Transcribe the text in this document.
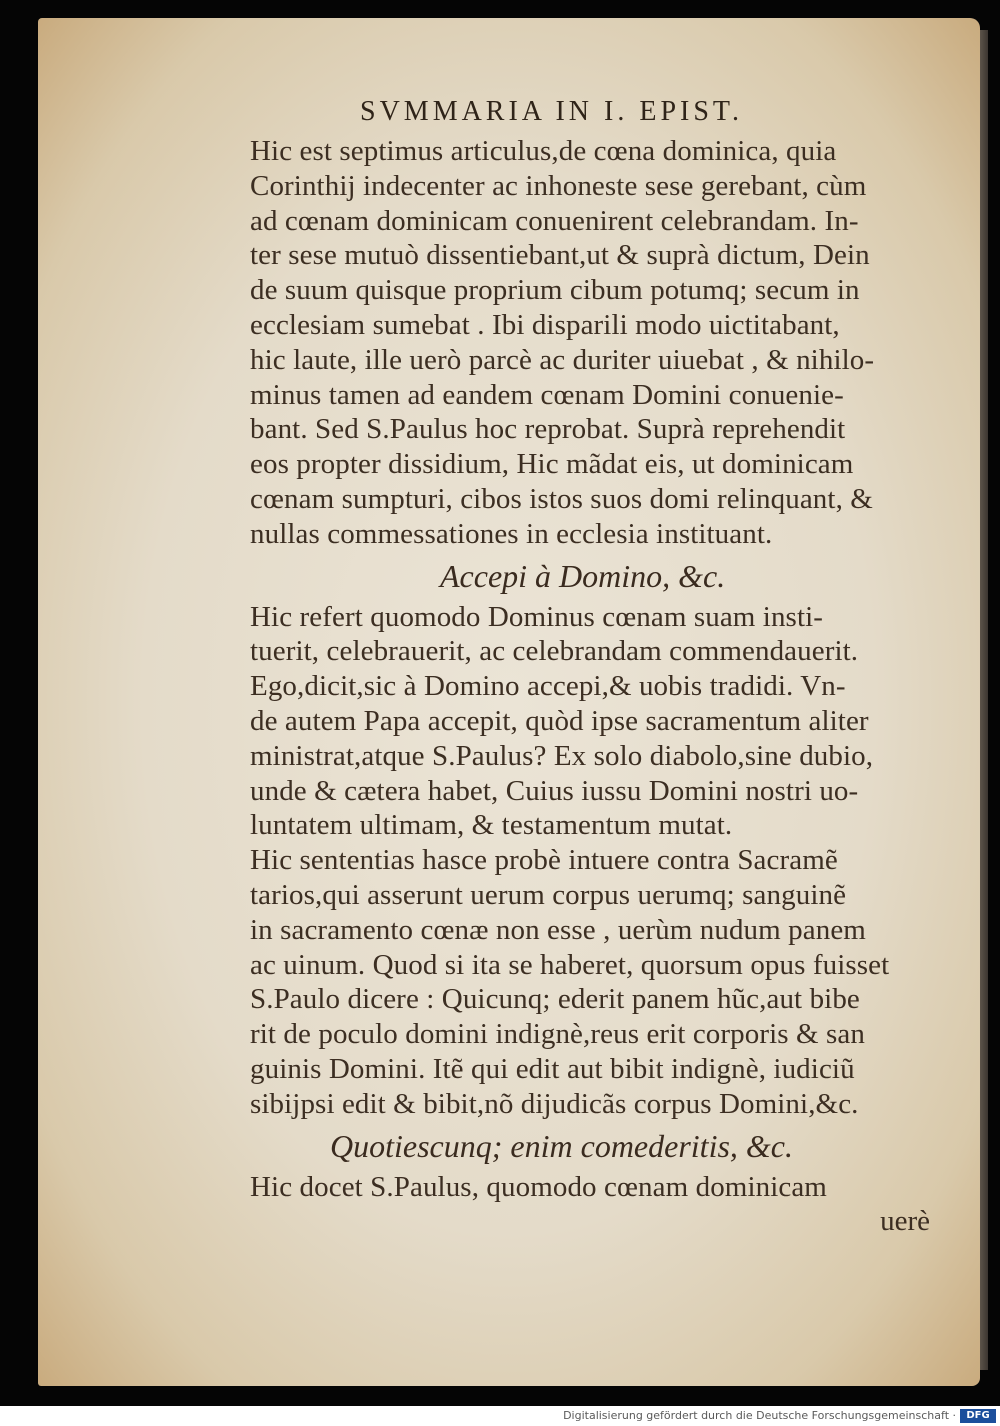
SVMMARIA IN I. EPIST.
Hic est septimus articulus,de cœna dominica, quia
Corinthij indecenter ac inhoneste sese gerebant, cùm
ad cœnam dominicam conuenirent celebrandam. In-
ter sese mutuò dissentiebant,ut & suprà dictum, Dein
de suum quisque proprium cibum potumq; secum in
ecclesiam sumebat . Ibi disparili modo uictitabant,
hic laute, ille uerò parcè ac duriter uiuebat , & nihilo-
minus tamen ad eandem cœnam Domini conuenie-
bant. Sed S.Paulus hoc reprobat. Suprà reprehendit
eos propter dissidium, Hic mãdat eis, ut dominicam
cœnam sumpturi, cibos istos suos domi relinquant, &
nullas commessationes in ecclesia instituant.
Accepi à Domino, &c.
Hic refert quomodo Dominus cœnam suam insti-
tuerit, celebrauerit, ac celebrandam commendauerit.
Ego,dicit,sic à Domino accepi,& uobis tradidi. Vn-
de autem Papa accepit, quòd ipse sacramentum aliter
ministrat,atque S.Paulus? Ex solo diabolo,sine dubio,
unde & cætera habet, Cuius iussu Domini nostri uo-
luntatem ultimam, & testamentum mutat.
Hic sententias hasce probè intuere contra Sacramẽ
tarios,qui asserunt uerum corpus uerumq; sanguinẽ
in sacramento cœnæ non esse , uerùm nudum panem
ac uinum. Quod si ita se haberet, quorsum opus fuisset
S.Paulo dicere : Quicunq; ederit panem hũc,aut bibe
rit de poculo domini indignè,reus erit corporis & san
guinis Domini. Itẽ qui edit aut bibit indignè, iudiciũ
sibijpsi edit & bibit,nõ dijudicãs corpus Domini,&c.
Quotiescunq; enim comederitis, &c.
Hic docet S.Paulus, quomodo cœnam dominicam
uerè
Digitalisierung gefördert durch die Deutsche Forschungsgemeinschaft ·	DFG
